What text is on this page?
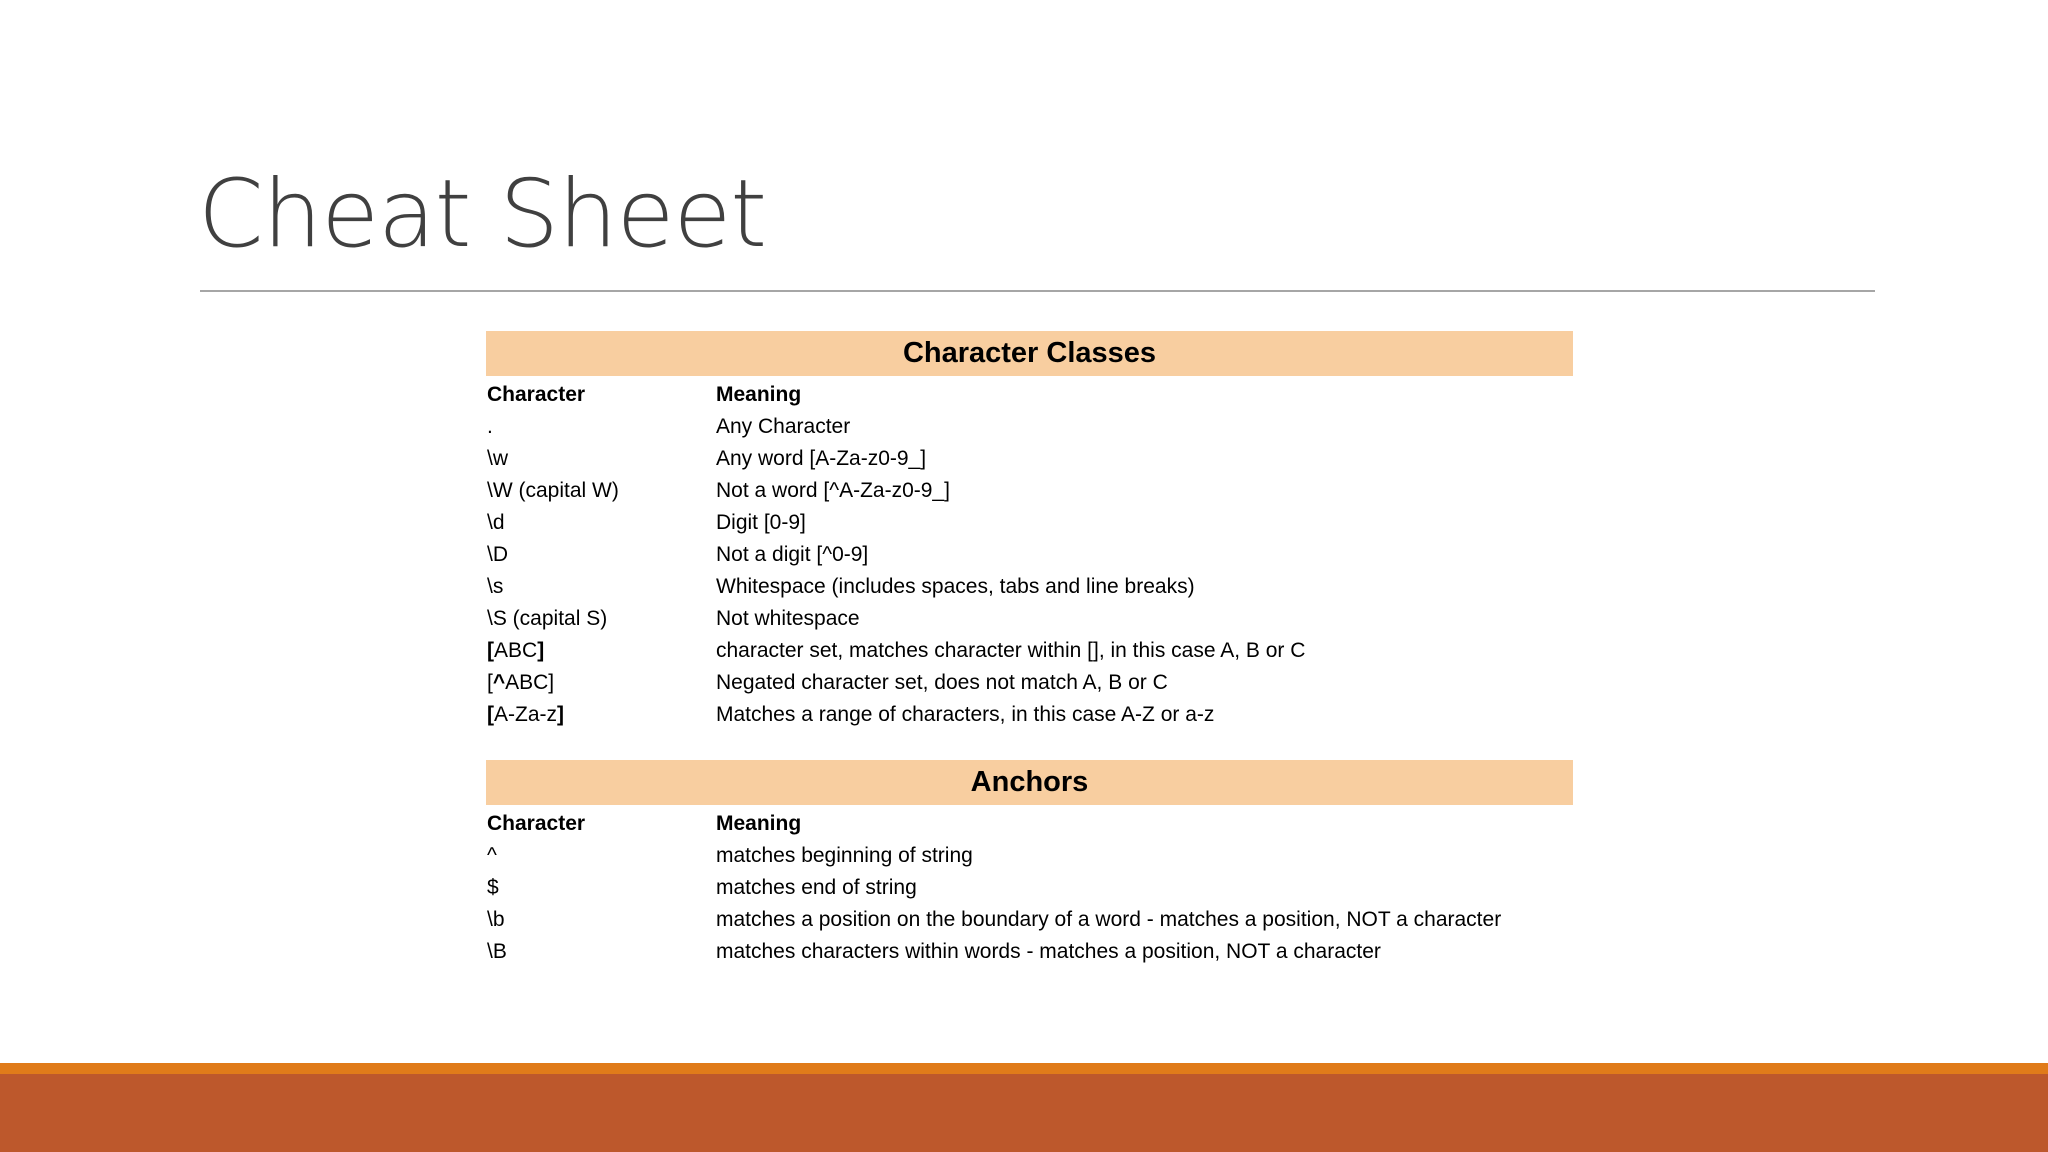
Cheat Sheet
Character Classes
Character	Meaning
.	Any Character
\w	Any word [A-Za-z0-9_]
\W (capital W)	Not a word [^A-Za-z0-9_]
\d	Digit [0-9]
\D	Not a digit [^0-9]
\s	Whitespace (includes spaces, tabs and line breaks)
\S (capital S)	Not whitespace
[ABC]	character set, matches character within [], in this case A, B or C
[^ABC]	Negated character set, does not match A, B or C
[A-Za-z]	Matches a range of characters, in this case A-Z or a-z
Anchors
Character	Meaning
^	matches beginning of string
$	matches end of string
\b	matches a position on the boundary of a word - matches a position, NOT a character
\B	matches characters within words - matches a position, NOT a character
